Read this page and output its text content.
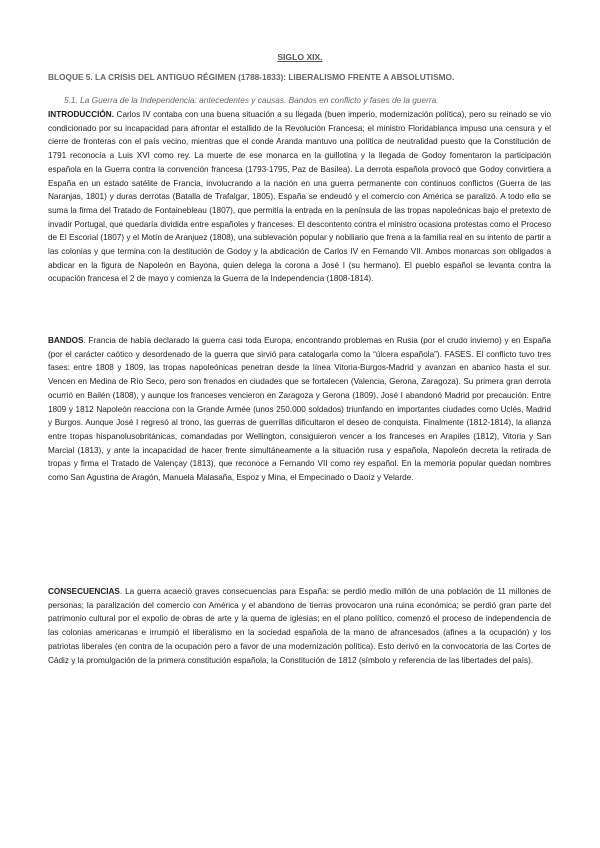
SIGLO XIX.
BLOQUE 5. LA CRISIS DEL ANTIGUO RÉGIMEN (1788-1833): LIBERALISMO FRENTE A ABSOLUTISMO.
5.1. La Guerra de la Independencia: antecedentes y causas. Bandos en conflicto y fases de la guerra.
INTRODUCCIÓN. Carlos IV contaba con una buena situación a su llegada (buen imperio, modernización política), pero su reinado se vio condicionado por su incapacidad para afrontar el estallido de la Revolución Francesa; el ministro Floridablanca impuso una censura y el cierre de fronteras con el país vecino, mientras que el conde Aranda mantuvo una política de neutralidad puesto que la Constitución de 1791 reconocía a Luis XVI como rey. La muerte de ese monarca en la guillotina y la llegada de Godoy fomentaron la participación española en la Guerra contra la convención francesa (1793-1795, Paz de Basilea). La derrota española provocó que Godoy convirtiera a España en un estado satélite de Francia, involucrando a la nación en una guerra permanente con continuos conflictos (Guerra de las Naranjas, 1801) y duras derrotas (Batalla de Trafalgar, 1805). España se endeudó y el comercio con América se paralizó. A todo ello se suma la firma del Tratado de Fontainebleau (1807), que permitía la entrada en la península de las tropas napoleónicas bajo el pretexto de invadir Portugal, que quedaría dividida entre españoles y franceses. El descontento contra el ministro ocasiona protestas como el Proceso de El Escorial (1807) y el Motín de Aranjuez (1808), una sublevación popular y nobiliario que frena a la familia real en su intento de partir a las colonias y que termina con la destitución de Godoy y la abdicación de Carlos IV en Fernando VII. Ambos monarcas son obligados a abdicar en la figura de Napoleón en Bayona, quien delega la corona a José I (su hermano). El pueblo español se levanta contra la ocupación francesa el 2 de mayo y comienza la Guerra de la Independencia (1808-1814).
BANDOS. Francia de había declarado la guerra casi toda Europa, encontrando problemas en Rusia (por el crudo invierno) y en España (por el carácter caótico y desordenado de la guerra que sirvió para catalogarla como la “úlcera española”). FASES. El conflicto tuvo tres fases: entre 1808 y 1809, las tropas napoleónicas penetran desde la línea Vitoria-Burgos-Madrid y avanzan en abanico hasta el sur. Vencen en Medina de Río Seco, pero son frenados en ciudades que se fortalecen (Valencia, Gerona, Zaragoza). Su primera gran derrota ocurrió en Bailén (1808), y aunque los franceses vencieron en Zaragoza y Gerona (1809), José I abandonó Madrid por precaución. Entre 1809 y 1812 Napoleón reacciona con la Grande Armée (unos 250.000 soldados) triunfando en importantes ciudades como Uclés, Madrid y Burgos. Aunque José I regresó al trono, las guerras de guerrillas dificultaron el deseo de conquista. Finalmente (1812-1814), la alianza entre tropas hispanolusobritánicas, comandadas por Wellington, consiguieron vencer a los franceses en Arapiles (1812), Vitoria y San Marcial (1813), y ante la incapacidad de hacer frente simultáneamente a la situación rusa y española, Napoleón decreta la retirada de tropas y firma el Tratado de Valençay (1813), que reconoce a Fernando VII como rey español. En la memoria popular quedan nombres como San Agustina de Aragón, Manuela Malasaña, Espoz y Mina, el Empecinado o Daoíz y Velarde.
CONSECUENCIAS. La guerra acaeció graves consecuencias para España: se perdió medio millón de una población de 11 millones de personas; la paralización del comercio con América y el abandono de tierras provocaron una ruina económica; se perdió gran parte del patrimonio cultural por el expolio de obras de arte y la quema de iglesias; en el plano político, comenzó el proceso de independencia de las colonias americanas e irrumpió el liberalismo en la sociedad española de la mano de afrancesados (afines a la ocupación) y los patriotas liberales (en contra de la ocupación pero a favor de una modernización política). Esto derivó en la convocatoria de las Cortes de Cádiz y la promulgación de la primera constitución española, la Constitución de 1812 (símbolo y referencia de las libertades del país).
